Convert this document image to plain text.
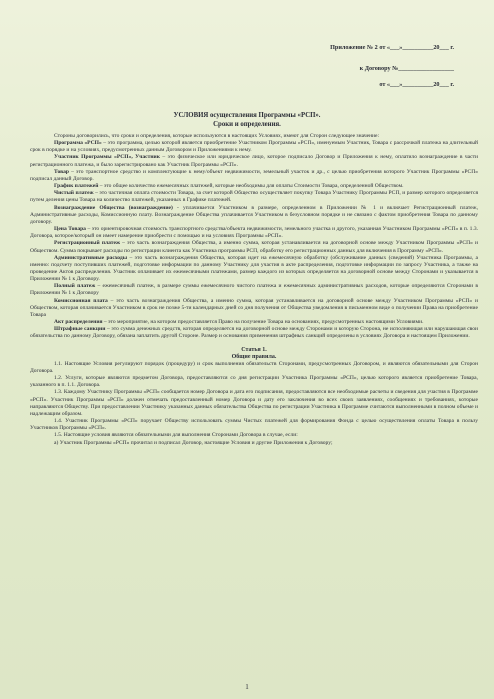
Приложение № 2 от «___»__________20___ г.
к Договору №__________________
от «___»__________20___ г.
УСЛОВИЯ осуществления Программы «РСП».
Сроки и определения.

Стороны договорились, что сроки и определения, которые используются в настоящих Условиях, имеют для Сторон следующее значение:

Программа «РСП» – это программа, целью которой является приобретение Участником Программы «РСП», именуемым Участник, Товара с рассрочкой платежа на длительный срок в порядке и на условиях, предусмотренных данным Договором и Приложениями к нему.

Участник Программы «РСП», Участник – это физическое или юридическое лицо, которое подписало Договор и Приложения к нему, оплатило вознаграждение в части регистрационного платежа, и было зарегистрировано как Участник Программы «РСП».

Товар – это транспортное средство и комплектующие к нему/объект недвижимости, земельный участок и др., с целью приобретения которого Участник Программы «РСП» подписал данный Договор.

График платежей – это общее количество ежемесячных платежей, которые необходимы для оплаты Стоимости Товара, определенной Обществом.

Чистый платеж – это частичная оплата стоимости Товара, за счет которой Общество осуществляет покупку Товара Участнику Программы РСП, и размер которого определяется путем деления цены Товара на количество платежей, указанных в Графике платежей.

Вознаграждение Общества (вознаграждение) - уплачивается Участником в размере, определенном в Приложении № 1 и включает Регистрационный платеж, Административные расходы, Комиссионную плату. Вознаграждение Общества уплачивается Участником в безусловном порядке и не связано с фактом приобретения Товара по данному договору.

Цена Товара – это ориентировочная стоимость транспортного средства/объекта недвижимости, земельного участка и другого, указанная Участником Программы «РСП» в п. 1.3. Договора, которое/который он имеет намерение приобрести с помощью и на условиях Программы «РСП».

Регистрационный платеж – это часть вознаграждения Общества, а именно сумма, которая устанавливается на договорной основе между Участником Программы «РСП» и Обществом. Сумма покрывает расходы по регистрации клиента как Участника программы РСП, обработку его регистрационных данных для включения в Программу «РСП».

Административные расходы – это часть вознаграждения Общества, которая идет на ежемесячную обработку (обслуживание данных (сведений) Участника Программы, а именно: подсчету поступивших платежей, подготовке информации по данному Участнику для участия в акте распределения, подготовке информации по запросу Участника, а также на проведение Актов распределения. Участник оплачивает их ежемесячными платежами, размер каждого из которых определяется на договорной основе между Сторонами и указывается в Приложении № 1 к Договору.

Полный платеж – ежемесячный платеж, в размере суммы ежемесячного чистого платежа и ежемесячных административных расходов, которые определяются Сторонами в Приложении № 1 к Договору

Комиссионная плата – это часть вознаграждения Общества, а именно сумма, которая устанавливается на договорной основе между Участником Программы «РСП» и Обществом, которая оплачивается Участником в срок не позже 5-ти календарных дней со дня получения от Общества уведомления в письменном виде о получении Права на приобретение Товара

Акт распределения – это мероприятие, на котором предоставляется Право на получение Товара на основаниях, предусмотренных настоящими Условиями.

Штрафные санкции – это сумма денежных средств, которая определяется на договорной основе между Сторонами и которую Сторона, не исполняющая или нарушающая свои обязательства по данному Договору, обязана заплатить другой Стороне. Размер и основания применения штрафных санкций определены в условиях Договора и настоящем Приложении.

Статья 1.

Общие правила.

1.1. Настоящие Условия регулируют порядок (процедуру) и срок выполнения обязательств Сторонами, предусмотренных Договором, и являются обязательными для Сторон Договора.

1.2. Услуги, которые являются предметом Договора, предоставляются со дня регистрации Участника Программы «РСП», целью которого является приобретение Товара, указанного в п. 1.1. Договора.

1.3. Каждому Участнику Программы «РСП» сообщается номер Договора и дата его подписания, предоставляются все необходимые расчеты и сведения для участия в Программе «РСП». Участник Программы «РСП» должен отмечать предоставленный номер Договора и дату его заключения во всех своих заявлениях, сообщениях и требованиях, которые направляются Обществу. При предоставлении Участнику указанных данных обязательства Общества по регистрации Участника в Программе считаются выполненными в полном объеме и надлежащим образом.

1.4. Участник Программы «РСП» поручает Обществу использовать суммы Чистых платежей для формирования Фонда с целью осуществления оплаты Товара в пользу Участников Программы «РСП».

1.5. Настоящие условия являются обязательными для выполнения Сторонами Договора в случае, если:

а) Участник Программы «РСП» прочитал и подписал Договор, настоящие Условия и другие Приложения к Договору;

1
